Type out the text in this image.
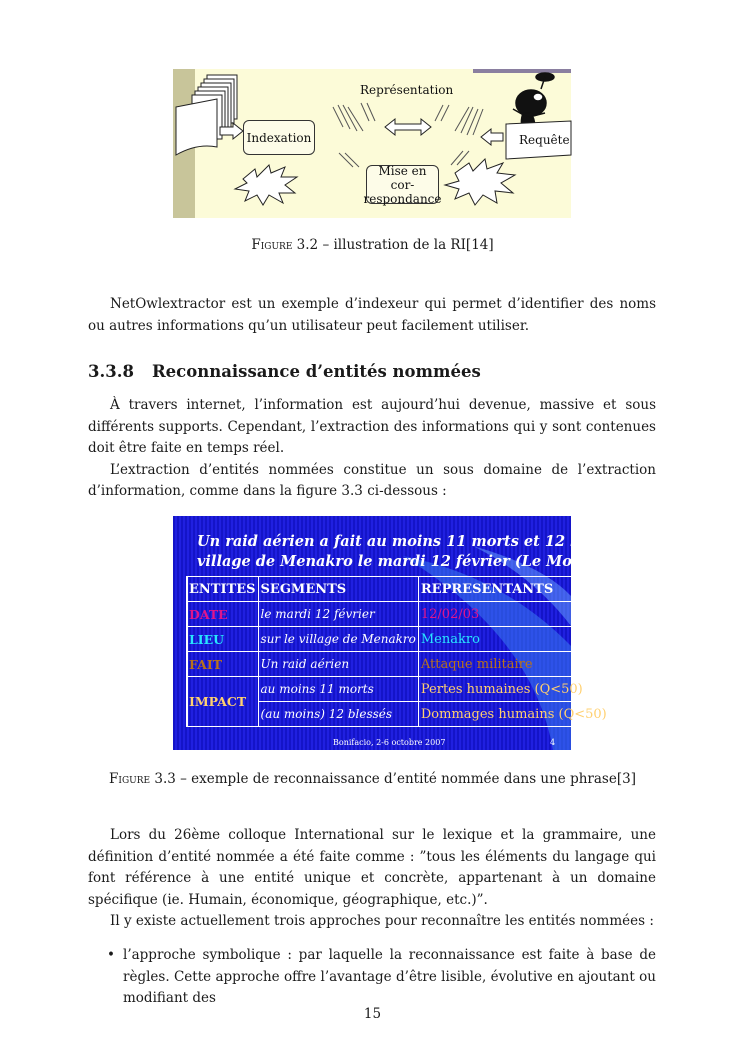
Représentation
Indexation	Requête
Mise en cor-
respondance
Figure 3.2 – illustration de la RI[14]

NetOwlextractor est un exemple d’indexeur qui permet d’identifier des noms ou autres informations qu’un utilisateur peut facilement utiliser.

3.3.8 Reconnaissance d’entités nommées

À travers internet, l’information est aujourd’hui devenue, massive et sous différents supports. Cependant, l’extraction des informations qui y sont contenues doit être faite en temps réel.

L’extraction d’entités nommées constitue un sous domaine de l’extraction d’information, comme dans la figure 3.3 ci-dessous :

Un raid aérien a fait au moins 11 morts et 12 blessés sur le
village de Menakro le mardi 12 février (Le Monde, 2003)
ENTITES	SEGMENTS	REPRESENTANTS
DATE	le mardi 12 février	12/02/03
LIEU	sur le village de Menakro	Menakro
FAIT	Un raid aérien	Attaque militaire
IMPACT	au moins 11 morts	Pertes humaines (Q<50)
	(au moins) 12 blessés	Dommages humains (Q<50)
Bonifacio, 2-6 octobre 2007	4
Figure 3.3 – exemple de reconnaissance d’entité nommée dans une phrase[3]

Lors du 26ème colloque International sur le lexique et la grammaire, une définition d’entité nommée a été faite comme : ”tous les éléments du langage qui font référence à une entité unique et concrète, appartenant à un domaine spécifique (ie. Humain, économique, géographique, etc.)”.

Il y existe actuellement trois approches pour reconnaître les entités nommées :

• l’approche symbolique : par laquelle la reconnaissance est faite à base de règles. Cette approche offre l’avantage d’être lisible, évolutive en ajoutant ou modifiant des
15
